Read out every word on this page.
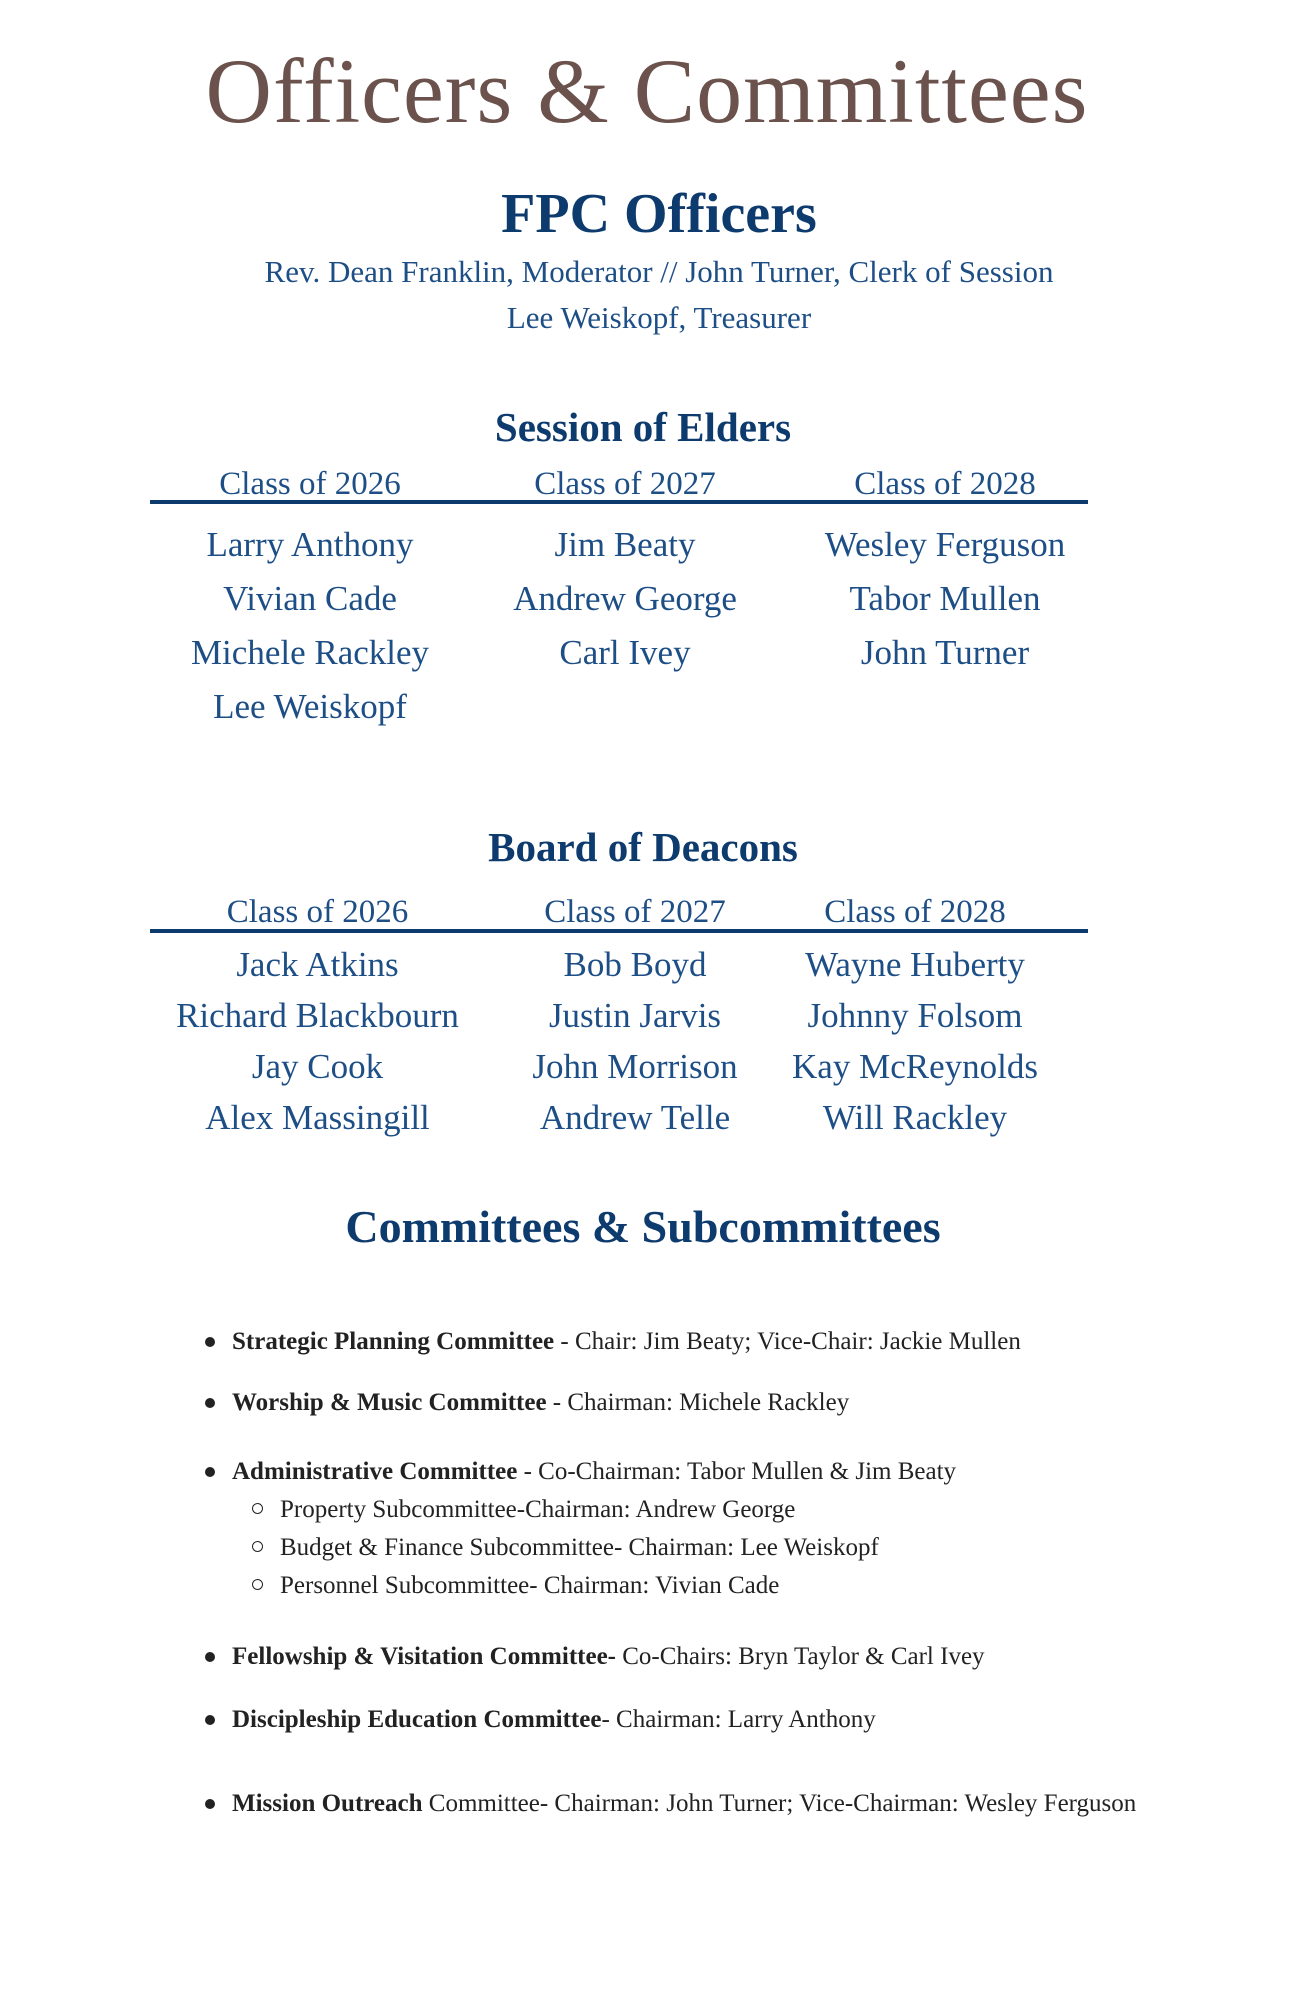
Officers & Committees
FPC Officers
Rev. Dean Franklin, Moderator // John Turner, Clerk of Session
Lee Weiskopf, Treasurer
Session of Elders
Class of 2026
Larry Anthony
Vivian Cade
Michele Rackley
Lee Weiskopf
Class of 2027
Jim Beaty
Andrew George
Carl Ivey
Class of 2028
Wesley Ferguson
Tabor Mullen
John Turner
Board of Deacons
Class of 2026
Jack Atkins
Richard Blackbourn
Jay Cook
Alex Massingill
Class of 2027
Bob Boyd
Justin Jarvis
John Morrison
Andrew Telle
Class of 2028
Wayne Huberty
Johnny Folsom
Kay McReynolds
Will Rackley
Committees & Subcommittees
Strategic Planning Committee - Chair: Jim Beaty; Vice-Chair: Jackie Mullen
Worship & Music Committee - Chairman: Michele Rackley
Administrative Committee - Co-Chairman: Tabor Mullen & Jim Beaty
Property Subcommittee-Chairman: Andrew George
Budget & Finance Subcommittee- Chairman: Lee Weiskopf
Personnel Subcommittee- Chairman: Vivian Cade
Fellowship & Visitation Committee- Co-Chairs: Bryn Taylor & Carl Ivey
Discipleship Education Committee- Chairman: Larry Anthony
Mission Outreach Committee- Chairman: John Turner; Vice-Chairman: Wesley Ferguson
